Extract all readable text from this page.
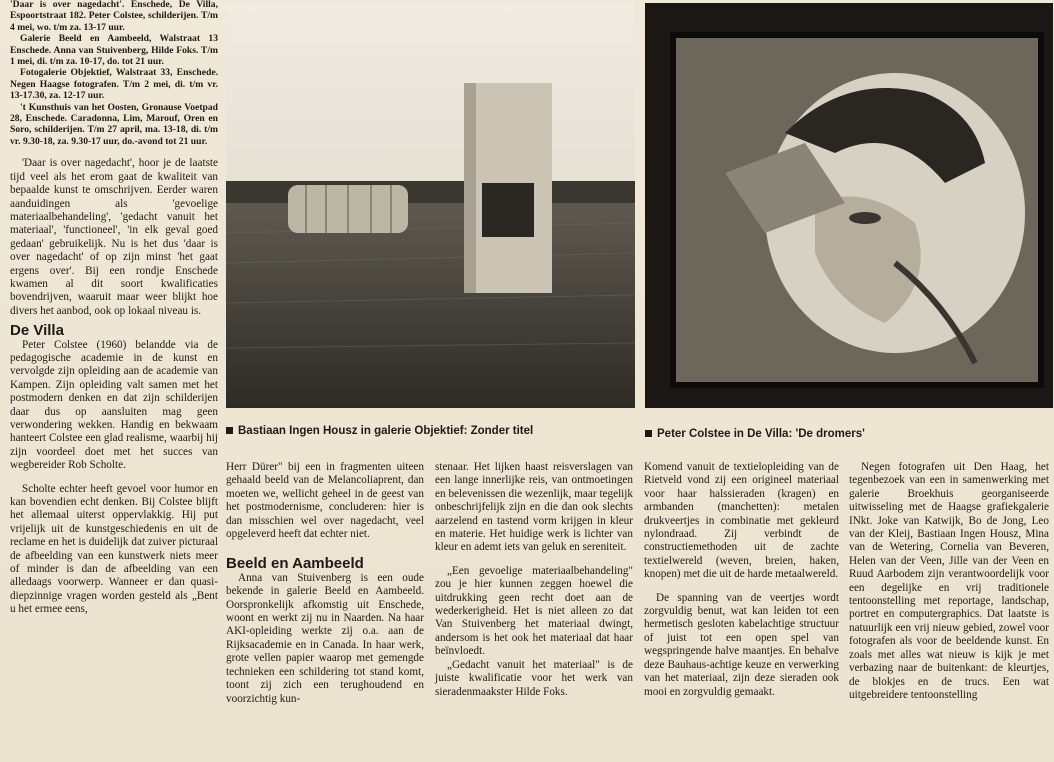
'Daar is over nagedacht'. Enschede, De Villa, Espoortstraat 182. Peter Colstee, schilderijen. T/m 4 mei, wo. t/m za. 13-17 uur.

Galerie Beeld en Aambeeld, Walstraat 13 Enschede. Anna van Stuivenberg, Hilde Foks. T/m 1 mei, di. t/m za. 10-17, do. tot 21 uur.

Fotogalerie Objektief, Walstraat 33, Enschede. Negen Haagse fotografen. T/m 2 mei, di. t/m vr. 13-17.30, za. 12-17 uur.

't Kunsthuis van het Oosten, Gronause Voetpad 28, Enschede. Caradonna, Lim, Marouf, Oren en Soro, schilderijen. T/m 27 april, ma. 13-18, di. t/m vr. 9.30-18, za. 9.30-17 uur, do.-avond tot 21 uur.

'Daar is over nagedacht', hoor je de laatste tijd veel als het erom gaat de kwaliteit van bepaalde kunst te omschrijven. Eerder waren aanduidingen als 'gevoelige materiaalbehandeling', 'gedacht vanuit het materiaal', 'functioneel', 'in elk geval goed gedaan' gebruikelijk. Nu is het dus 'daar is over nagedacht' of op zijn minst 'het gaat ergens over'. Bij een rondje Enschede kwamen al dit soort kwalificaties bovendrijven, waaruit maar weer blijkt hoe divers het aanbod, ook op lokaal niveau is.

De Villa

Peter Colstee (1960) belandde via de pedagogische academie in de kunst en vervolgde zijn opleiding aan de academie van Kampen. Zijn opleiding valt samen met het postmodern denken en dat zijn schilderijen daar dus op aansluiten mag geen verwondering wekken. Handig en bekwaam hanteert Colstee een glad realisme, waarbij hij zijn voordeel doet met het succes van wegbereider Rob Scholte.

Scholte echter heeft gevoel voor humor en kan bovendien echt denken. Bij Colstee blijft het allemaal uiterst oppervlakkig. Hij put vrijelijk uit de kunstgeschiedenis en uit de reclame en het is duidelijk dat zuiver picturaal de afbeelding van een kunstwerk niets meer of minder is dan de afbeelding van een alledaags voorwerp. Wanneer er dan quasi-diepzinnige vragen worden gesteld als „Bent u het ermee eens,

Bastiaan Ingen Housz in galerie Objektief: Zonder titel	Peter Colstee in De Villa: 'De dromers'

Herr Dürer" bij een in fragmenten uiteen gehaald beeld van de Melancoliaprent, dan moeten we, wellicht geheel in de geest van het postmodernisme, concluderen: hier is dan misschien wel over nagedacht, veel opgeleverd heeft dat echter niet.

Beeld en Aambeeld

Anna van Stuivenberg is een oude bekende in galerie Beeld en Aambeeld. Oorspronkelijk afkomstig uit Enschede, woont en werkt zij nu in Naarden. Na haar AKI-opleiding werkte zij o.a. aan de Rijksacademie en in Canada. In haar werk, grote vellen papier waarop met gemengde technieken een schildering tot stand komt, toont zij zich een terughoudend en voorzichtig kun-

stenaar. Het lijken haast reisverslagen van een lange innerlijke reis, van ontmoetingen en belevenissen die wezenlijk, maar tegelijk onbeschrijfelijk zijn en die dan ook slechts aarzelend en tastend vorm krijgen in kleur en materie. Het huidige werk is lichter van kleur en ademt iets van geluk en sereniteit.

„Een gevoelige materiaalbehandeling" zou je hier kunnen zeggen hoewel die uitdrukking geen recht doet aan de wederkerigheid. Het is niet alleen zo dat Van Stuivenberg het materiaal dwingt, andersom is het ook het materiaal dat haar beïnvloedt.

„Gedacht vanuit het materiaal" is de juiste kwalificatie voor het werk van sieradenmaakster Hilde Foks.

Komend vanuit de textielopleiding van de Rietveld vond zij een origineel materiaal voor haar halssieraden (kragen) en armbanden (manchetten): metalen drukveertjes in combinatie met gekleurd nylondraad. Zij verbindt de constructiemethoden uit de zachte textielwereld (weven, breien, haken, knopen) met die uit de harde metaalwereld.

De spanning van de veertjes wordt zorgvuldig benut, wat kan leiden tot een hermetisch gesloten kabelachtige structuur of juist tot een open spel van wegspringende halve maantjes. En behalve deze Bauhaus-achtige keuze en verwerking van het materiaal, zijn deze sieraden ook mooi en zorgvuldig gemaakt.

Negen fotografen uit Den Haag, het tegenbezoek van een in samenwerking met galerie Broekhuis georganiseerde uitwisseling met de Haagse grafiekgalerie INkt. Joke van Katwijk, Bo de Jong, Leo van der Kleij, Bastiaan Ingen Housz, Mina van de Wetering, Cornelia van Beveren, Helen van der Veen, Jille van der Veen en Ruud Aarbodem zijn verantwoordelijk voor een degelijke en vrij traditionele tentoonstelling met reportage, landschap, portret en computergraphics. Dat laatste is natuurlijk een vrij nieuw gebied, zowel voor fotografen als voor de beeldende kunst. En zoals met alles wat nieuw is kijk je met verbazing naar de buitenkant: de kleurtjes, de blokjes en de trucs. Een wat uitgebreidere tentoonstelling
